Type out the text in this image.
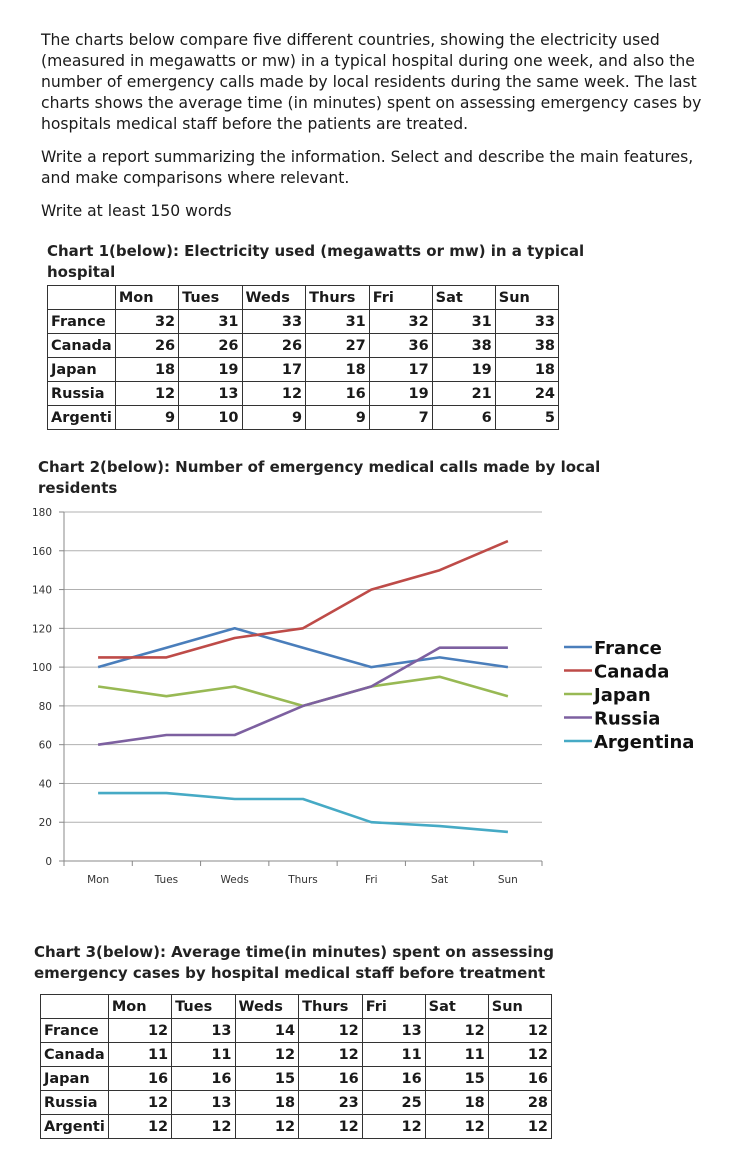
The charts below compare five different countries, showing the electricity used (measured in megawatts or mw) in a typical hospital during one week, and also the number of emergency calls made by local residents during the same week. The last charts shows the average time (in minutes) spent on assessing emergency cases by hospitals medical staff before the patients are treated.

Write a report summarizing the information. Select and describe the main features, and make comparisons where relevant.

Write at least 150 words

Chart 1(below): Electricity used (megawatts or mw) in a typical hospital
	Mon	Tues	Weds	Thurs	Fri	Sat	Sun
France	32	31	33	31	32	31	33
Canada	26	26	26	27	36	38	38
Japan	18	19	17	18	17	19	18
Russia	12	13	12	16	19	21	24
Argenti	9	10	9	9	7	6	5
Chart 2(below): Number of emergency medical calls made by local residents
0
20
40
60
80
100
120
140
160
180
Mon	Tues	Weds	Thurs	Fri	Sat	Sun
France
Canada
Japan
Russia
Argentina
Chart 3(below): Average time(in minutes) spent on assessing emergency cases by hospital medical staff before treatment
	Mon	Tues	Weds	Thurs	Fri	Sat	Sun
France	12	13	14	12	13	12	12
Canada	11	11	12	12	11	11	12
Japan	16	16	15	16	16	15	16
Russia	12	13	18	23	25	18	28
Argenti	12	12	12	12	12	12	12
